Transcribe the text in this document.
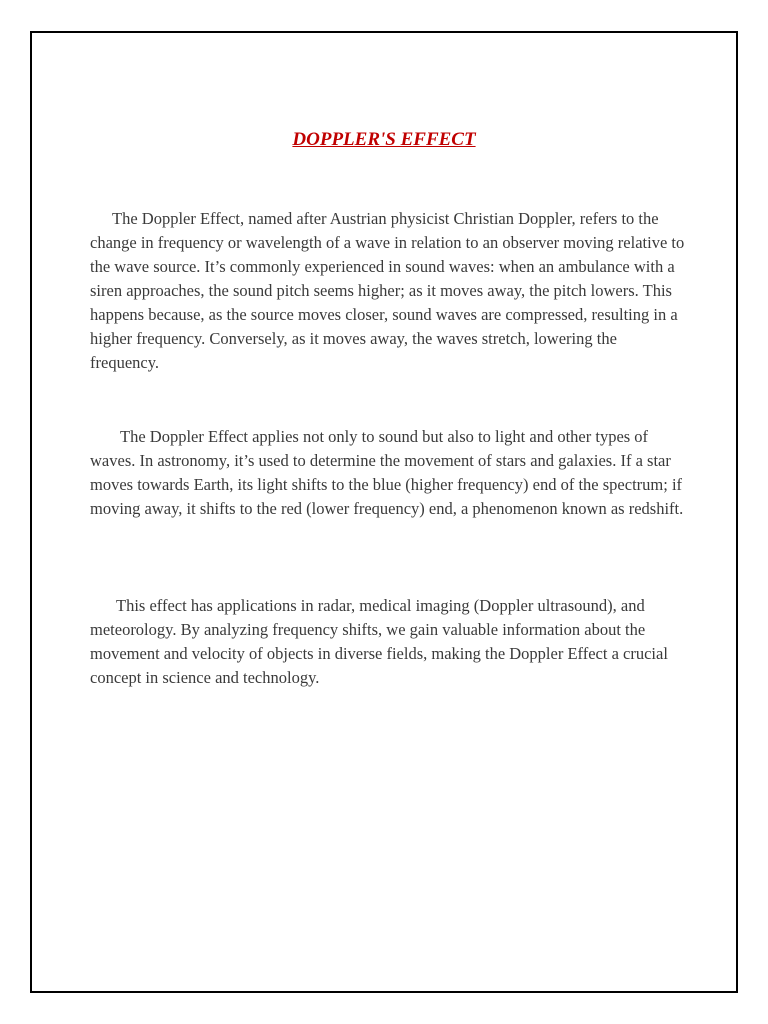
DOPPLER'S EFFECT

The Doppler Effect, named after Austrian physicist Christian Doppler, refers to the change in frequency or wavelength of a wave in relation to an observer moving relative to the wave source. It’s commonly experienced in sound waves: when an ambulance with a siren approaches, the sound pitch seems higher; as it moves away, the pitch lowers. This happens because, as the source moves closer, sound waves are compressed, resulting in a higher frequency. Conversely, as it moves away, the waves stretch, lowering the frequency.

The Doppler Effect applies not only to sound but also to light and other types of waves. In astronomy, it’s used to determine the movement of stars and galaxies. If a star moves towards Earth, its light shifts to the blue (higher frequency) end of the spectrum; if moving away, it shifts to the red (lower frequency) end, a phenomenon known as redshift.

This effect has applications in radar, medical imaging (Doppler ultrasound), and meteorology. By analyzing frequency shifts, we gain valuable information about the movement and velocity of objects in diverse fields, making the Doppler Effect a crucial concept in science and technology.
